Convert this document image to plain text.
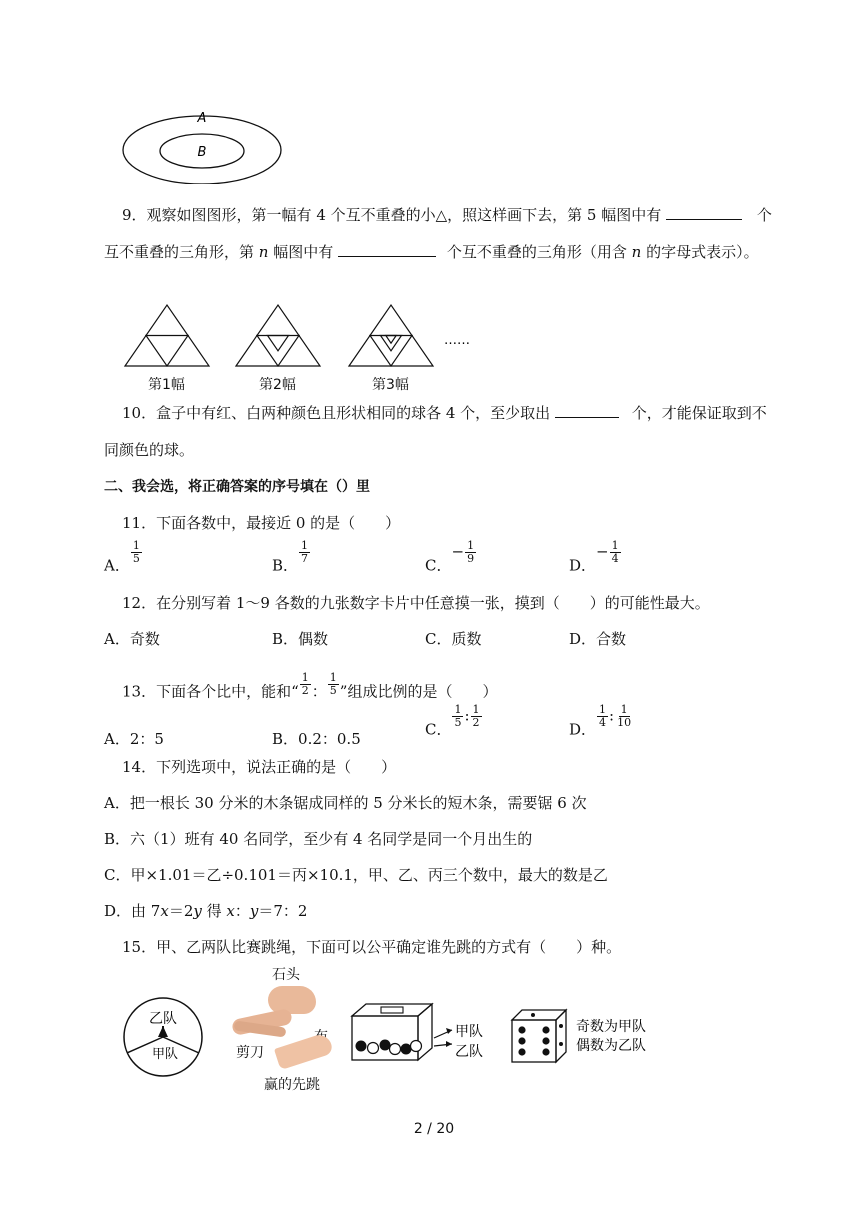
A
B
9．观察如图图形，第一幅有 4 个互不重叠的小△，照这样画下去，第 5 幅图中有	个
互不重叠的三角形，第 n 幅图中有	个互不重叠的三角形（用含 n 的字母式表示）。
……
第1幅	第2幅	第3幅
10．盒子中有红、白两种颜色且形状相同的球各 4 个，至少取出	个，才能保证取到不
同颜色的球。
二、我会选，将正确答案的序号填在（）里
11．下面各数中，最接近 0 的是（　　）
A．
$\frac{1}{5}$
B．
$\frac{1}{7}$
C．− $\frac{1}{9}$
D．− $\frac{1}{4}$
12．在分别写着 1～9 各数的九张数字卡片中任意摸一张，摸到（　　）的可能性最大。
A．奇数	B．偶数	C．质数	D．合数
13．下面各个比中，能和“ $\frac{1}{2}$ ： $\frac{1}{5}$ ”组成比例的是（　　）
A．2：5	B．0.2：0.5
C．
$\frac{1}{5}$ : $\frac{1}{2}$
D．
$\frac{1}{4}$ : $\frac{1}{10}$
14．下列选项中，说法正确的是（　　）
A．把一根长 30 分米的木条锯成同样的 5 分米长的短木条，需要锯 6 次
B．六（1）班有 40 名同学，至少有 4 名同学是同一个月出生的
C．甲×1.01＝乙÷0.101＝丙×10.1，甲、乙、丙三个数中，最大的数是乙
D．由 7x＝2y 得 x：y＝7：2
15．甲、乙两队比赛跳绳，下面可以公平确定谁先跳的方式有（　　）种。
乙队
甲队
石头
剪刀
赢的先跳
甲队
乙队
奇数为甲队
偶数为乙队
2 / 20
